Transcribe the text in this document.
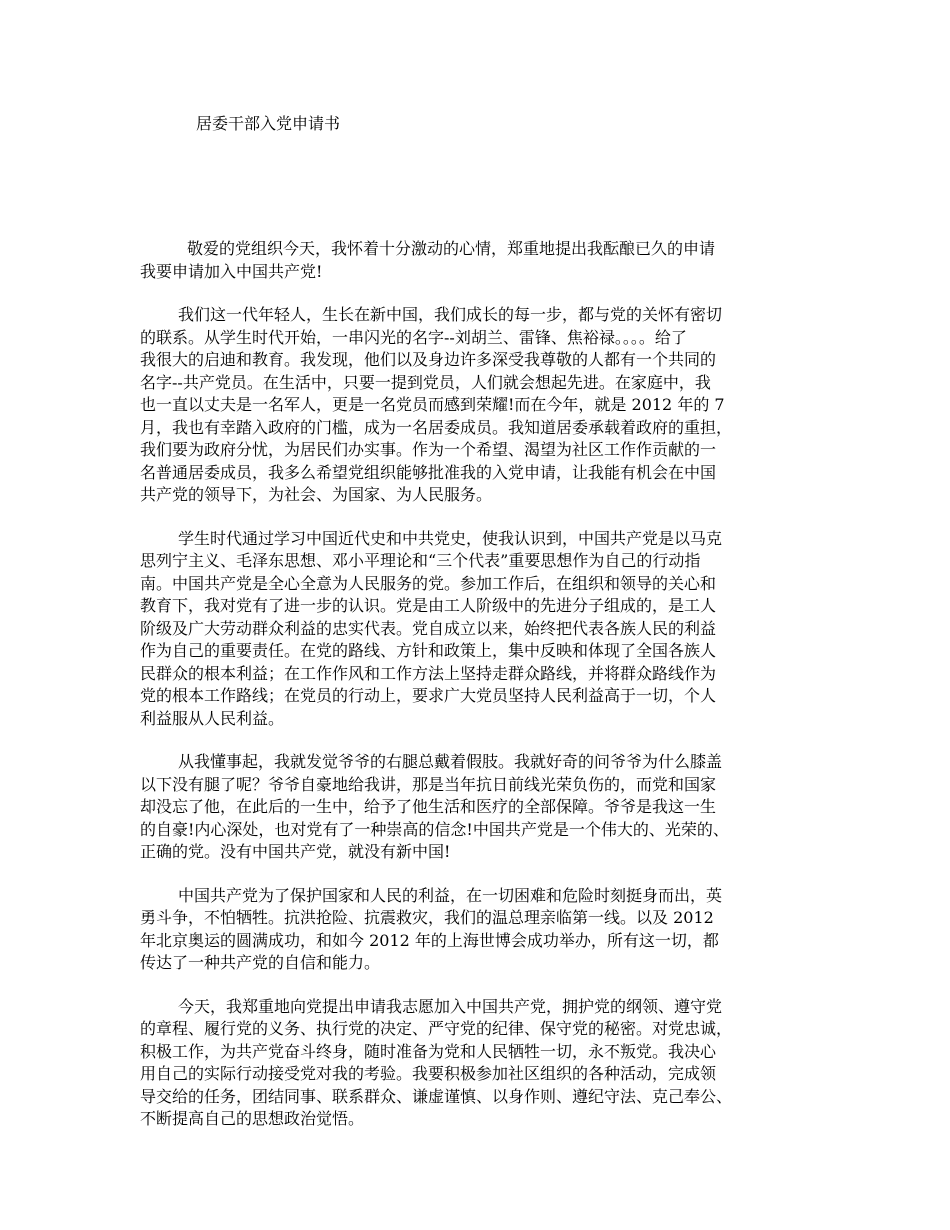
居委干部入党申请书

敬爱的党组织今天，我怀着十分激动的心情，郑重地提出我酝酿已久的申请
我要申请加入中国共产党!

我们这一代年轻人，生长在新中国，我们成长的每一步，都与党的关怀有密切
的联系。从学生时代开始，一串闪光的名字--刘胡兰、雷锋、焦裕禄。。。。给了
我很大的启迪和教育。我发现，他们以及身边许多深受我尊敬的人都有一个共同的
名字--共产党员。在生活中，只要一提到党员，人们就会想起先进。在家庭中，我
也一直以丈夫是一名军人，更是一名党员而感到荣耀!而在今年，就是 2012 年的 7
月，我也有幸踏入政府的门槛，成为一名居委成员。我知道居委承载着政府的重担，
我们要为政府分忧，为居民们办实事。作为一个希望、渴望为社区工作作贡献的一
名普通居委成员，我多么希望党组织能够批准我的入党申请，让我能有机会在中国
共产党的领导下，为社会、为国家、为人民服务。

学生时代通过学习中国近代史和中共党史，使我认识到，中国共产党是以马克
思列宁主义、毛泽东思想、邓小平理论和“三个代表”重要思想作为自己的行动指
南。中国共产党是全心全意为人民服务的党。参加工作后，在组织和领导的关心和
教育下，我对党有了进一步的认识。党是由工人阶级中的先进分子组成的，是工人
阶级及广大劳动群众利益的忠实代表。党自成立以来，始终把代表各族人民的利益
作为自己的重要责任。在党的路线、方针和政策上，集中反映和体现了全国各族人
民群众的根本利益；在工作作风和工作方法上坚持走群众路线，并将群众路线作为
党的根本工作路线；在党员的行动上，要求广大党员坚持人民利益高于一切，个人
利益服从人民利益。

从我懂事起，我就发觉爷爷的右腿总戴着假肢。我就好奇的问爷爷为什么膝盖
以下没有腿了呢？爷爷自豪地给我讲，那是当年抗日前线光荣负伤的，而党和国家
却没忘了他，在此后的一生中，给予了他生活和医疗的全部保障。爷爷是我这一生
的自豪!内心深处，也对党有了一种崇高的信念!中国共产党是一个伟大的、光荣的、
正确的党。没有中国共产党，就没有新中国!

中国共产党为了保护国家和人民的利益，在一切困难和危险时刻挺身而出，英
勇斗争，不怕牺牲。抗洪抢险、抗震救灾，我们的温总理亲临第一线。以及 2012
年北京奥运的圆满成功，和如今 2012 年的上海世博会成功举办，所有这一切，都
传达了一种共产党的自信和能力。

今天，我郑重地向党提出申请我志愿加入中国共产党，拥护党的纲领、遵守党
的章程、履行党的义务、执行党的决定、严守党的纪律、保守党的秘密。对党忠诚，
积极工作，为共产党奋斗终身，随时准备为党和人民牺牲一切，永不叛党。我决心
用自己的实际行动接受党对我的考验。我要积极参加社区组织的各种活动，完成领
导交给的任务，团结同事、联系群众、谦虚谨慎、以身作则、遵纪守法、克己奉公、
不断提高自己的思想政治觉悟。
